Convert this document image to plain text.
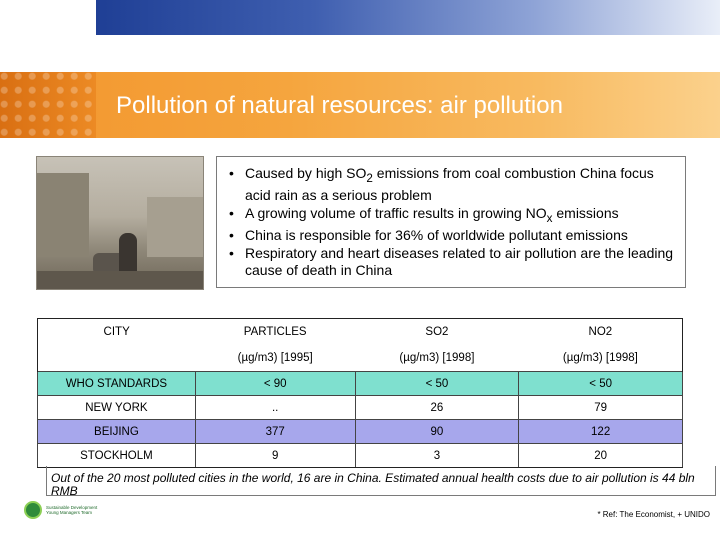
Pollution of natural resources: air pollution
• Caused by high $SO_2$ emissions from coal combustion China focus acid rain as a serious problem
• A growing volume of traffic results in growing $NO_x$ emissions
• China is responsible for 36% of worldwide pollutant emissions
• Respiratory and heart diseases related to air pollution are the leading cause of death in China
CITY	PARTICLES	SO2	NO2
	(µg/m3) [1995]	(µg/m3) [1998]	(µg/m3) [1998]
WHO STANDARDS	< 90	< 50	< 50
NEW YORK	..	26	79
BEIJING	377	90	122
STOCKHOLM	9	3	20
Out of the 20 most polluted cities in the world, 16 are in China. Estimated annual health costs due to air pollution is 44 bln RMB
Sustainable Development
Young Managers Team	* Ref: The Economist, + UNIDO
